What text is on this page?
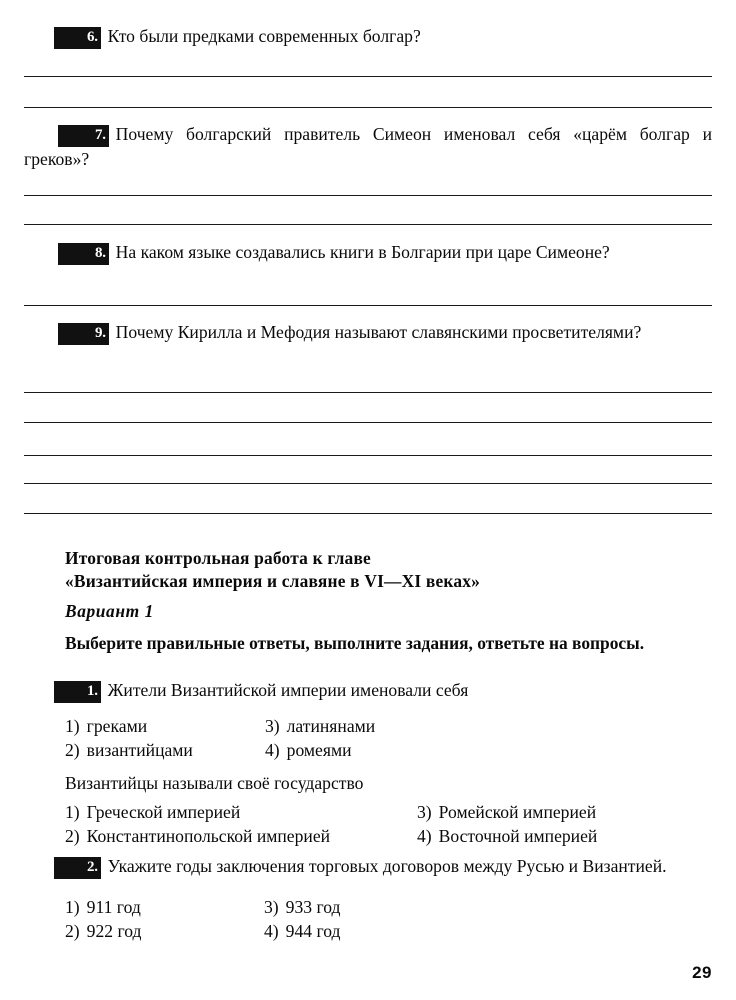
6. Кто были предками современных болгар?
7. Почему болгарский правитель Симеон именовал себя «царём болгар и греков»?
8. На каком языке создавались книги в Болгарии при царе Симеоне?
9. Почему Кирилла и Мефодия называют славянскими просветителями?
Итоговая контрольная работа к главе
«Византийская империя и славяне в VI—XI веках»
Вариант 1
Выберите правильные ответы, выполните задания, ответьте на вопросы.
1. Жители Византийской империи именовали себя
1) греками	3) латинянами
2) византийцами	4) ромеями
Византийцы называли своё государство
1) Греческой империей	3) Ромейской империей
2) Константинопольской империей	4) Восточной империей
2. Укажите годы заключения торговых договоров между Русью и Византией.
1) 911 год	3) 933 год
2) 922 год	4) 944 год
29
